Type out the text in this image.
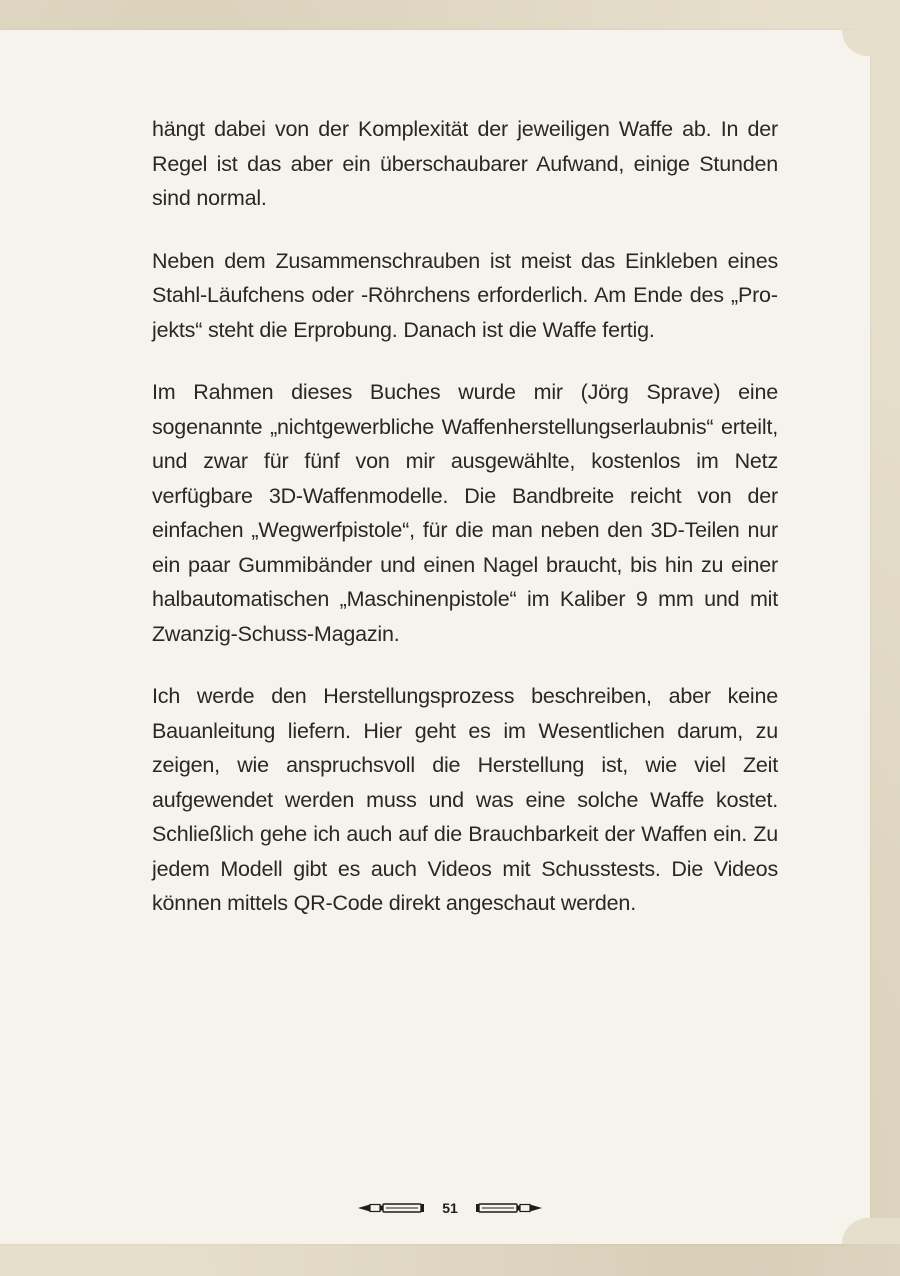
hängt dabei von der Komplexität der jeweiligen Waffe ab. In der Regel ist das aber ein überschaubarer Aufwand, einige Stunden sind normal.

Neben dem Zusammenschrauben ist meist das Einkleben eines Stahl-Läufchens oder -Röhrchens erforderlich. Am Ende des „Projekts“ steht die Erprobung. Danach ist die Waffe fertig.

Im Rahmen dieses Buches wurde mir (Jörg Sprave) eine sogenannte „nichtgewerbliche Waffenherstellungserlaubnis“ erteilt, und zwar für fünf von mir ausgewählte, kostenlos im Netz verfügbare 3D-Waffenmodelle. Die Bandbreite reicht von der einfachen „Wegwerfpistole“, für die man neben den 3D-Teilen nur ein paar Gummibänder und einen Nagel braucht, bis hin zu einer halbautomatischen „Maschinenpistole“ im Kaliber 9 mm und mit Zwanzig-Schuss-Magazin.

Ich werde den Herstellungsprozess beschreiben, aber keine Bauanleitung liefern. Hier geht es im Wesentlichen darum, zu zeigen, wie anspruchsvoll die Herstellung ist, wie viel Zeit aufgewendet werden muss und was eine solche Waffe kostet. Schließlich gehe ich auch auf die Brauchbarkeit der Waffen ein. Zu jedem Modell gibt es auch Videos mit Schusstests. Die Videos können mittels QR-Code direkt angeschaut werden.

51
